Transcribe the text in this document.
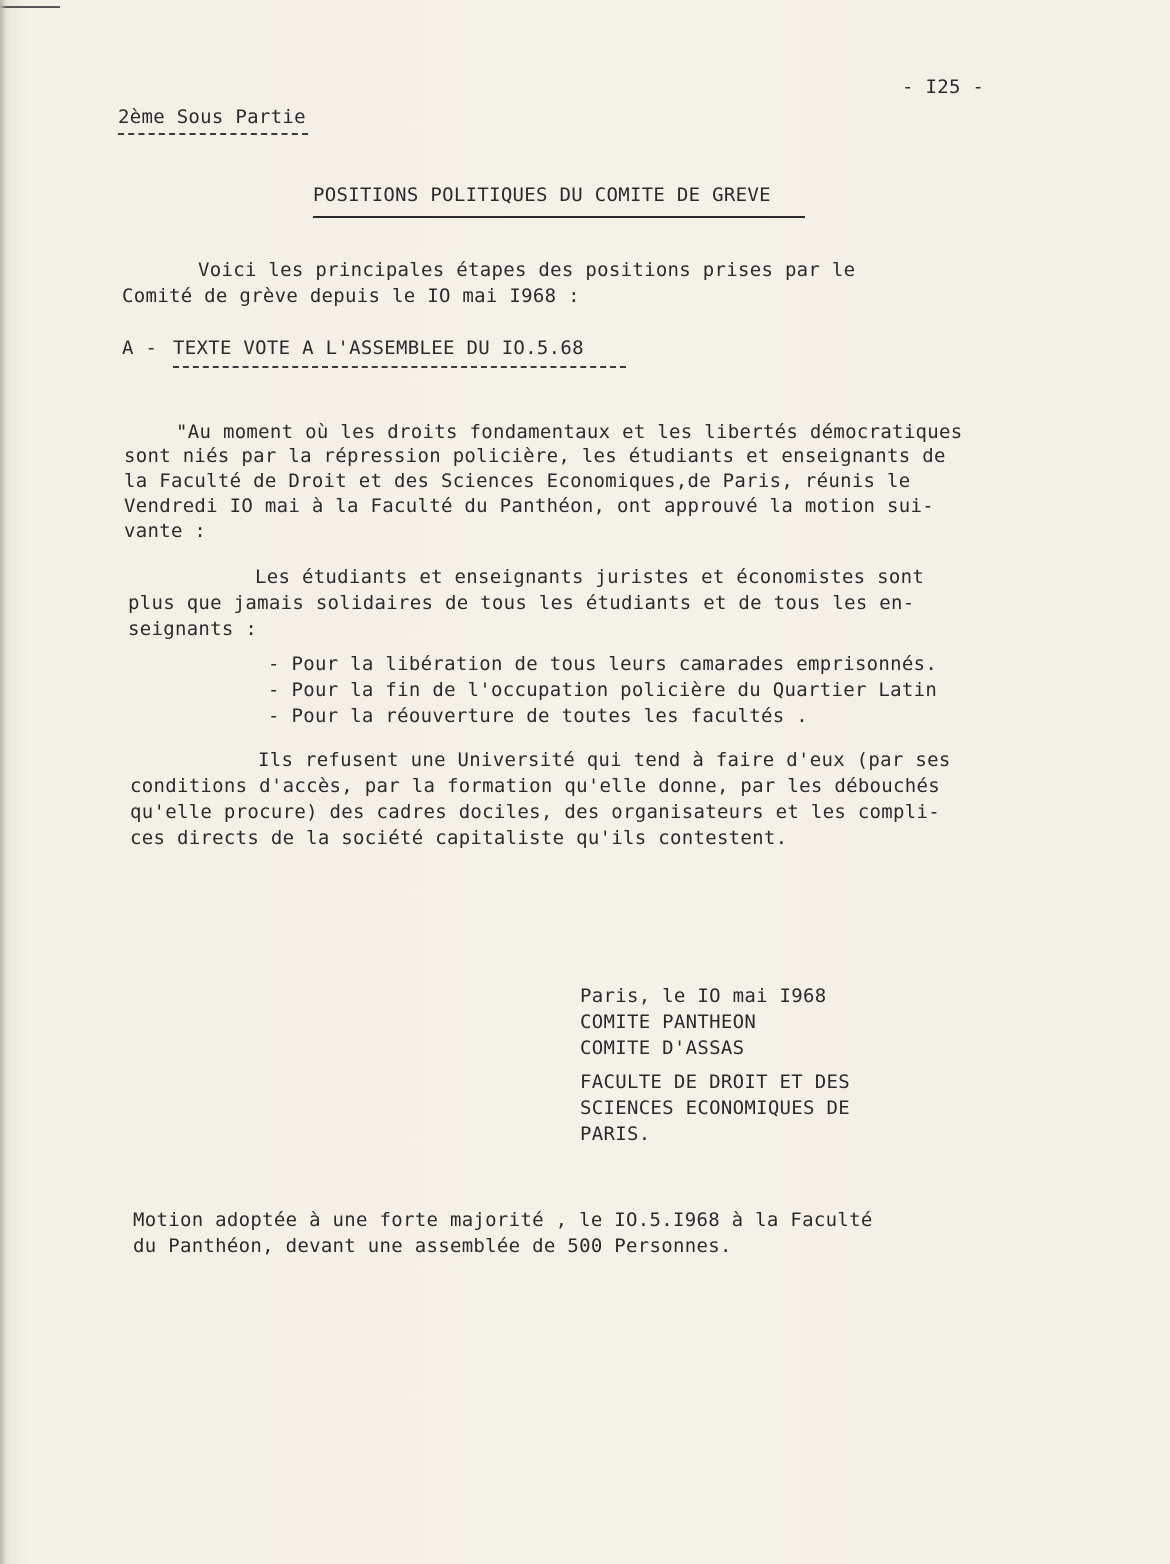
- I25 -
2ème Sous Partie
POSITIONS POLITIQUES DU COMITE DE GREVE
Voici les principales étapes des positions prises par le
Comité de grève depuis le IO mai I968 :
A - TEXTE VOTE A L'ASSEMBLEE DU IO.5.68
"Au moment où les droits fondamentaux et les libertés démocratiques
sont niés par la répression policière, les étudiants et enseignants de
la Faculté de Droit et des Sciences Economiques,de Paris, réunis le
Vendredi IO mai à la Faculté du Panthéon, ont approuvé la motion sui-
vante :
Les étudiants et enseignants juristes et économistes sont
plus que jamais solidaires de tous les étudiants et de tous les en-
seignants :
- Pour la libération de tous leurs camarades emprisonnés.
- Pour la fin de l'occupation policière du Quartier Latin
- Pour la réouverture de toutes les facultés .
Ils refusent une Université qui tend à faire d'eux (par ses
conditions d'accès, par la formation qu'elle donne, par les débouchés
qu'elle procure) des cadres dociles, des organisateurs et les compli-
ces directs de la société capitaliste qu'ils contestent.
Paris, le IO mai I968
COMITE PANTHEON
COMITE D'ASSAS
FACULTE DE DROIT ET DES
SCIENCES ECONOMIQUES DE
PARIS.
Motion adoptée à une forte majorité , le IO.5.I968 à la Faculté
du Panthéon, devant une assemblée de 500 Personnes.
